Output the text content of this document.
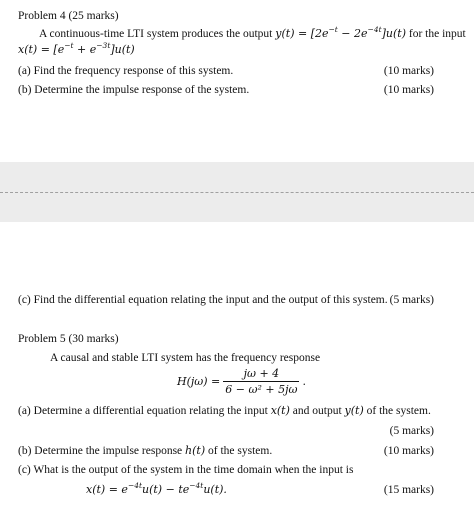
Problem 4 (25 marks)
A continuous-time LTI system produces the output $y(t) = [2e^{-t} - 2e^{-4t}]u(t)$ for the input
$x(t) = [e^{-t} + e^{-3t}]u(t)$
(a) Find the frequency response of this system.	(10 marks)
(b) Determine the impulse response of the system.	(10 marks)
(c) Find the differential equation relating the input and the output of this system. (5 marks)
Problem 5 (30 marks)
A causal and stable LTI system has the frequency response
$H(j\omega) = \frac{j\omega + 4}{\text{6 − ω² + 5jω}}$ .
(a) Determine a differential equation relating the input x(t) and output y(t) of the system.
(5 marks)
(b) Determine the impulse response h(t) of the system.	(10 marks)
(c) What is the output of the system in the time domain when the input is
$x(t) = e^{-4t}u(t) - te^{-4t}u(t)$.	(15 marks)
